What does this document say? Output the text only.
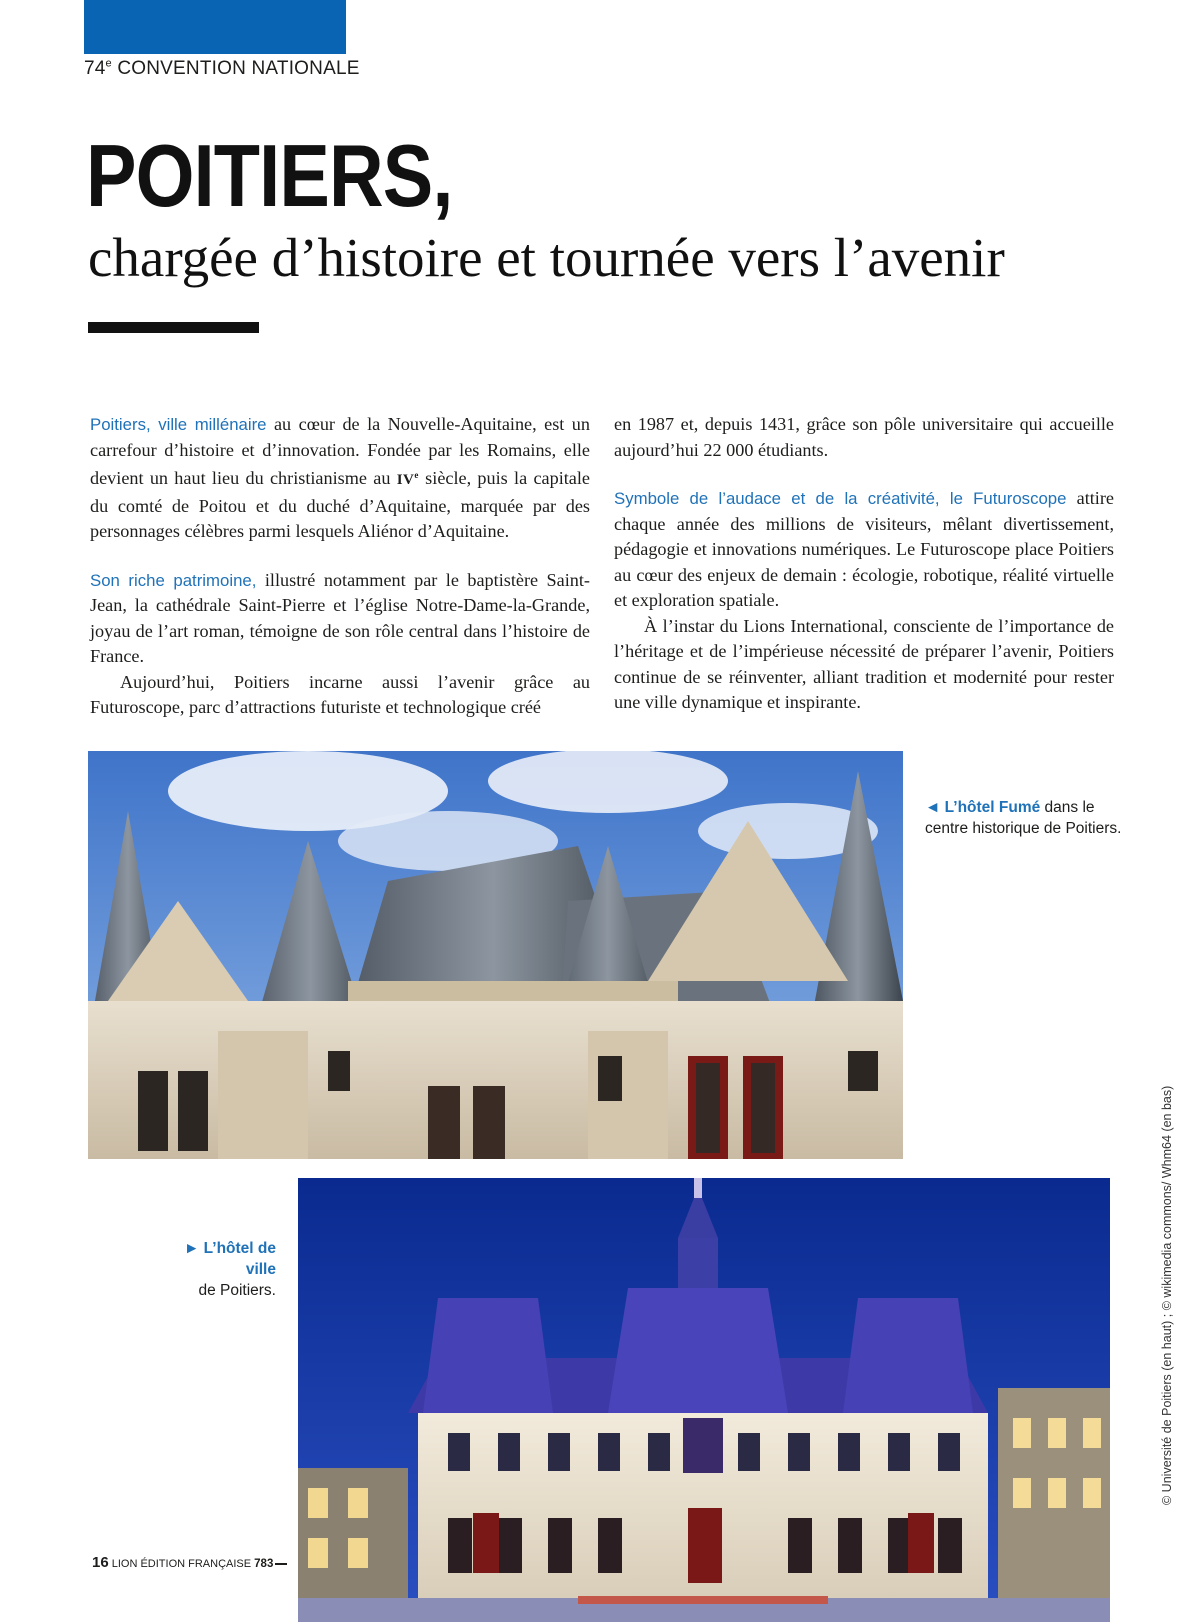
74e CONVENTION NATIONALE
POITIERS,
chargée d’histoire et tournée vers l’avenir

Poitiers, ville millénaire au cœur de la Nouvelle-Aquitaine, est un carrefour d’histoire et d’innovation. Fondée par les Romains, elle devient un haut lieu du christianisme au IVe siècle, puis la capitale du comté de Poitou et du duché d’Aquitaine, marquée par des personnages célèbres parmi lesquels Aliénor d’Aquitaine.

Son riche patrimoine, illustré notamment par le baptistère Saint-Jean, la cathédrale Saint-Pierre et l’église Notre-Dame-la-Grande, joyau de l’art roman, témoigne de son rôle central dans l’histoire de France.

Aujourd’hui, Poitiers incarne aussi l’avenir grâce au Futuroscope, parc d’attractions futuriste et technologique créé

en 1987 et, depuis 1431, grâce son pôle universitaire qui accueille aujourd’hui 22 000 étudiants.

Symbole de l’audace et de la créativité, le Futuroscope attire chaque année des millions de visiteurs, mêlant divertissement, pédagogie et innovations numériques. Le Futuroscope place Poitiers au cœur des enjeux de demain : écologie, robotique, réalité virtuelle et exploration spatiale.

À l’instar du Lions International, consciente de l’importance de l’héritage et de l’impérieuse nécessité de préparer l’avenir, Poitiers continue de se réinventer, alliant tradition et modernité pour rester une ville dynamique et inspirante.

◄ L’hôtel Fumé dans le centre historique de Poitiers.
► L’hôtel de ville
de Poitiers.	© Université de Poitiers (en haut) ; © wikimedia commons/ Whm64 (en bas)
16 LION ÉDITION FRANÇAISE 783
